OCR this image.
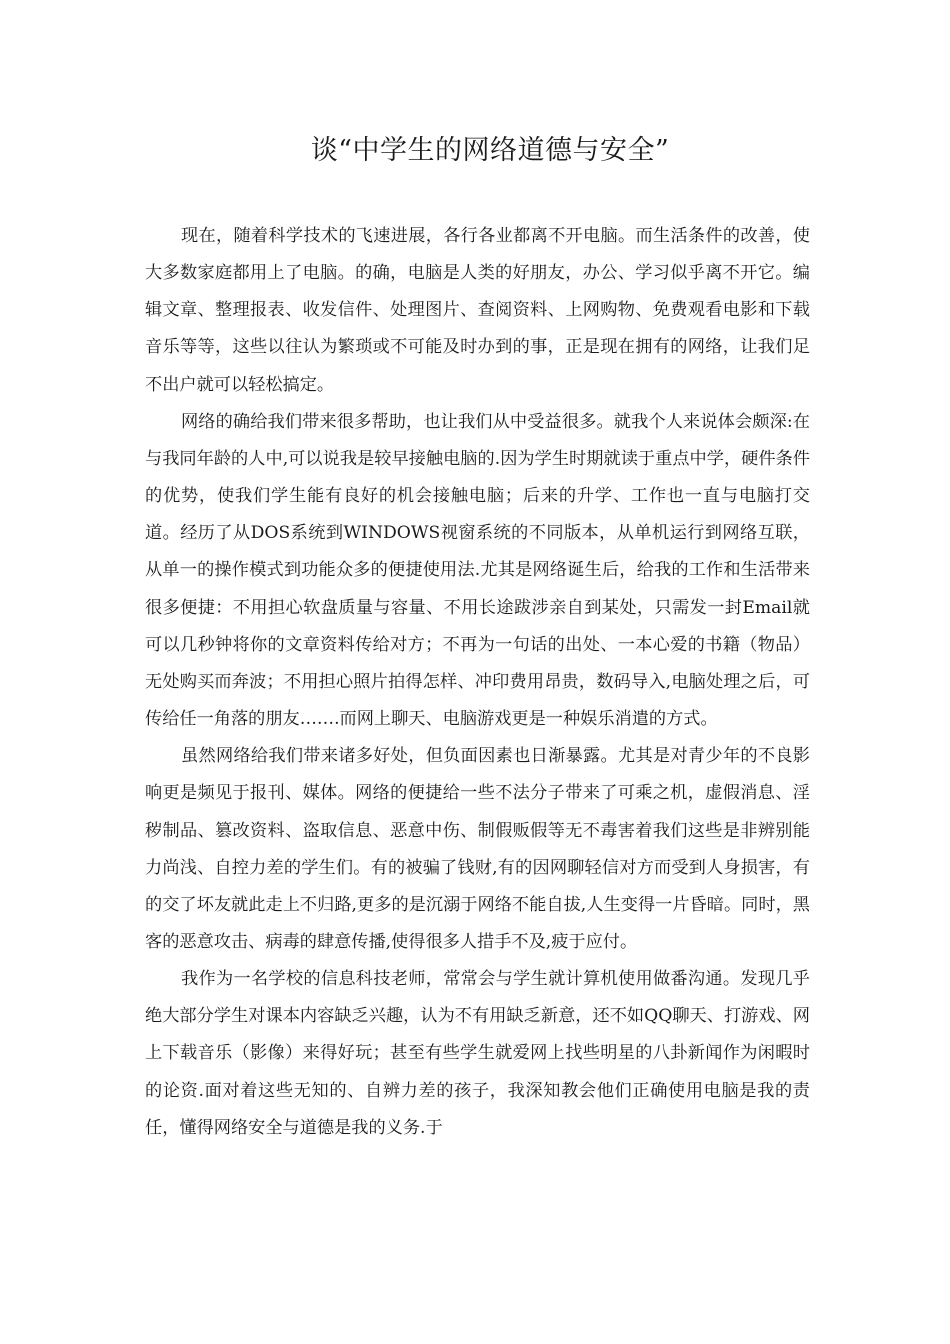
谈“中学生的网络道德与安全”

现在，随着科学技术的飞速进展，各行各业都离不开电脑。而生活条件的改善，使大多数家庭都用上了电脑。的确，电脑是人类的好朋友，办公、学习似乎离不开它。编辑文章、整理报表、收发信件、处理图片、查阅资料、上网购物、免费观看电影和下载音乐等等，这些以往认为繁琐或不可能及时办到的事，正是现在拥有的网络，让我们足不出户就可以轻松搞定。

网络的确给我们带来很多帮助，也让我们从中受益很多。就我个人来说体会颇深:在与我同年龄的人中,可以说我是较早接触电脑的.因为学生时期就读于重点中学，硬件条件的优势，使我们学生能有良好的机会接触电脑；后来的升学、工作也一直与电脑打交道。经历了从DOS系统到WINDOWS视窗系统的不同版本，从单机运行到网络互联，从单一的操作模式到功能众多的便捷使用法.尤其是网络诞生后，给我的工作和生活带来很多便捷：不用担心软盘质量与容量、不用长途跋涉亲自到某处，只需发一封Email就可以几秒钟将你的文章资料传给对方；不再为一句话的出处、一本心爱的书籍（物品）无处购买而奔波；不用担心照片拍得怎样、冲印费用昂贵，数码导入,电脑处理之后，可传给任一角落的朋友…….而网上聊天、电脑游戏更是一种娱乐消遣的方式。

虽然网络给我们带来诸多好处，但负面因素也日渐暴露。尤其是对青少年的不良影响更是频见于报刊、媒体。网络的便捷给一些不法分子带来了可乘之机，虚假消息、淫秽制品、篡改资料、盗取信息、恶意中伤、制假贩假等无不毒害着我们这些是非辨别能力尚浅、自控力差的学生们。有的被骗了钱财,有的因网聊轻信对方而受到人身损害，有的交了坏友就此走上不归路,更多的是沉溺于网络不能自拔,人生变得一片昏暗。同时，黑客的恶意攻击、病毒的肆意传播,使得很多人措手不及,疲于应付。

我作为一名学校的信息科技老师，常常会与学生就计算机使用做番沟通。发现几乎绝大部分学生对课本内容缺乏兴趣，认为不有用缺乏新意，还不如QQ聊天、打游戏、网上下载音乐（影像）来得好玩；甚至有些学生就爱网上找些明星的八卦新闻作为闲暇时的论资.面对着这些无知的、自辨力差的孩子，我深知教会他们正确使用电脑是我的责任，懂得网络安全与道德是我的义务.于
